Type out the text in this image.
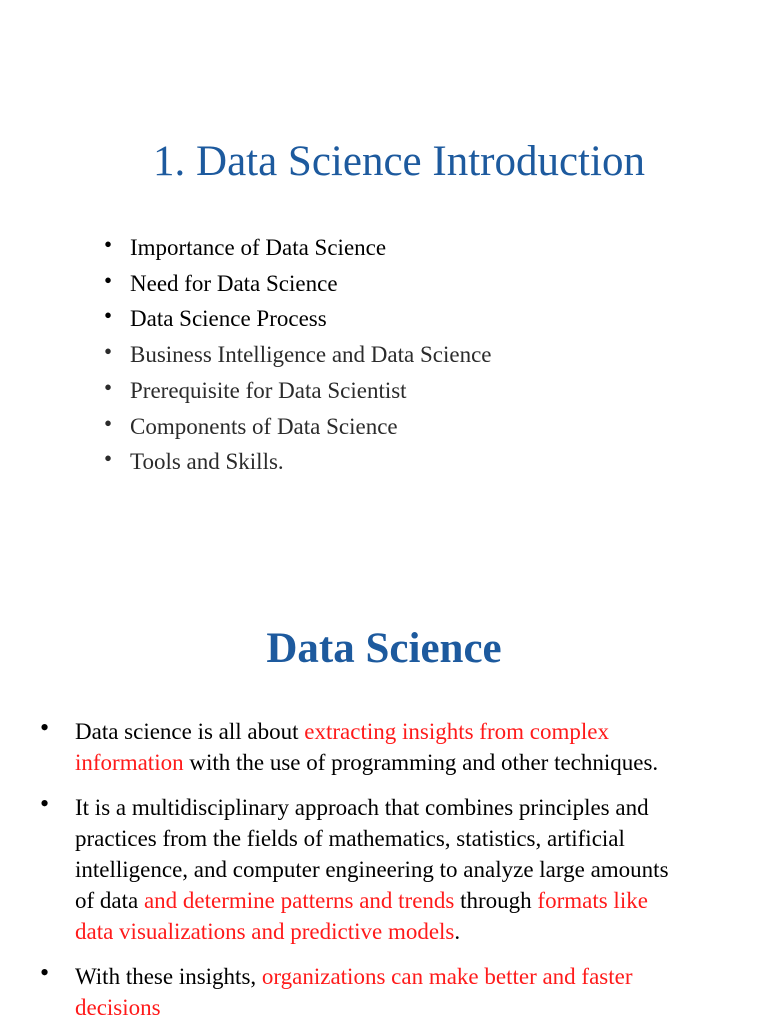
1. Data Science Introduction
• Importance of Data Science
• Need for Data Science
• Data Science Process
• Business Intelligence and Data Science
• Prerequisite for Data Scientist
• Components of Data Science
• Tools and Skills.
Data Science
• Data science is all about extracting insights from complex information with the use of programming and other techniques.
• It is a multidisciplinary approach that combines principles and practices from the fields of mathematics, statistics, artificial intelligence, and computer engineering to analyze large amounts of data and determine patterns and trends through formats like data visualizations and predictive models.
• With these insights, organizations can make better and faster decisions
